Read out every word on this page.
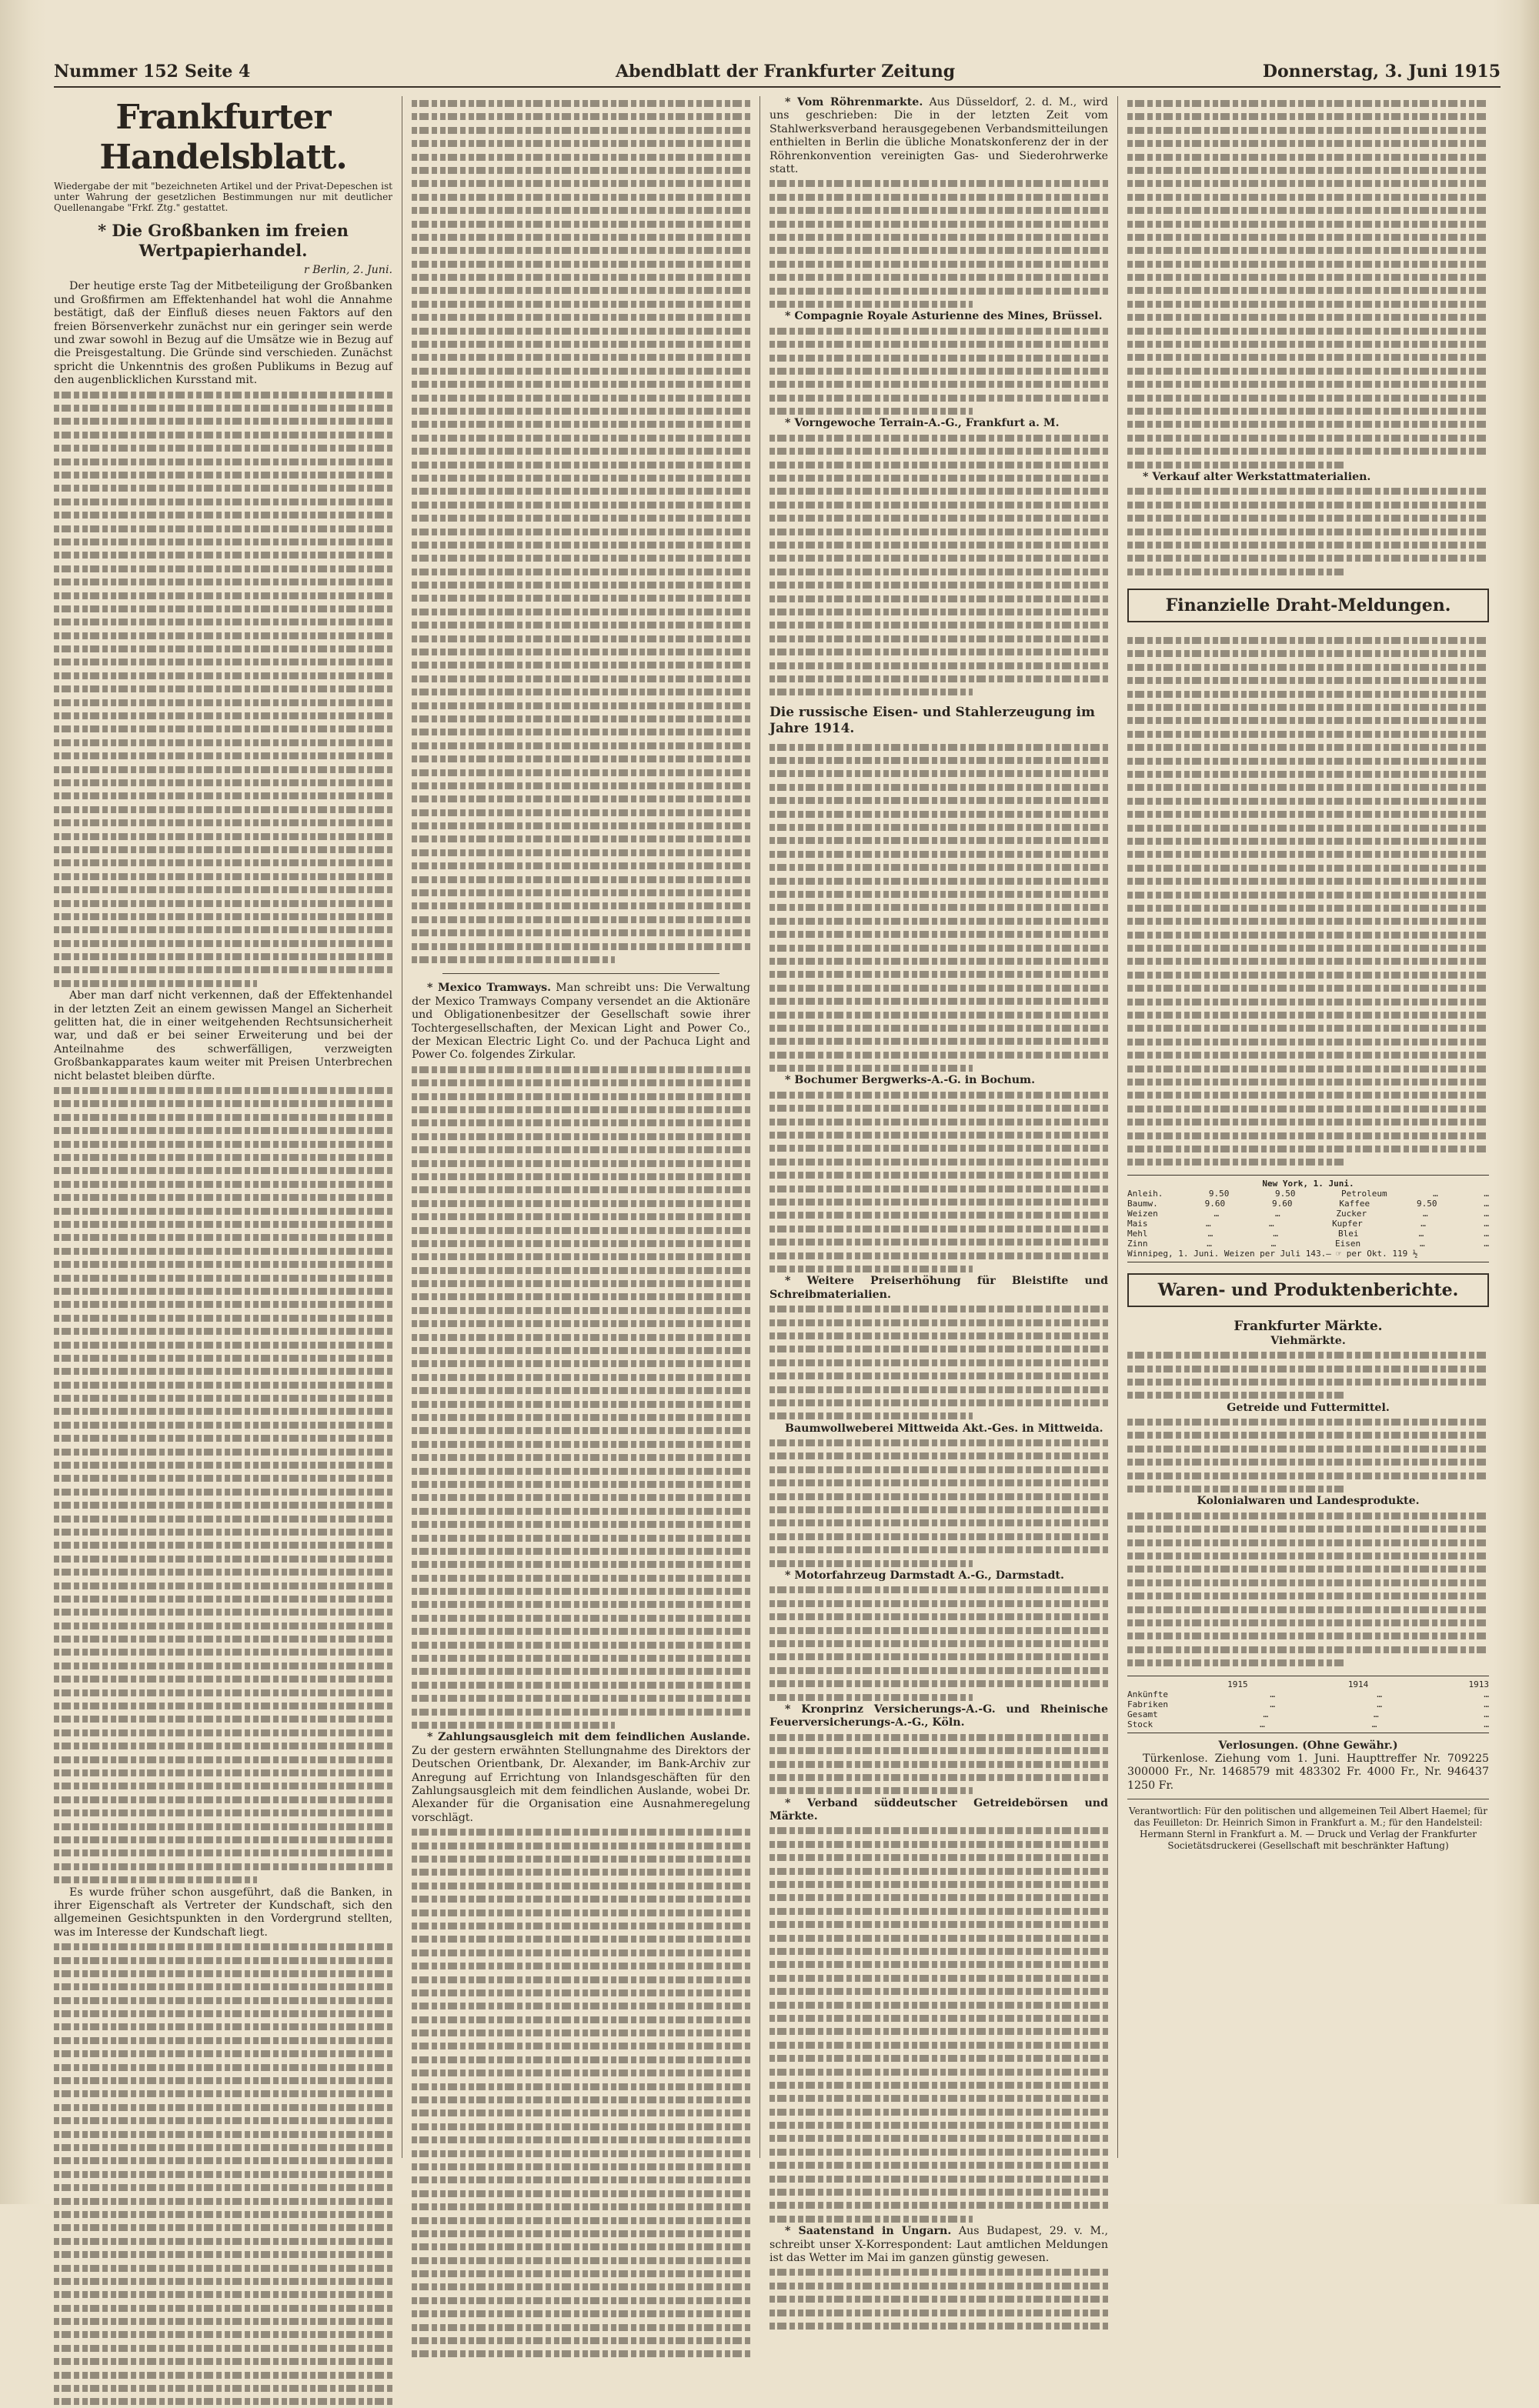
Nummer 152 Seite 4	Abendblatt der Frankfurter Zeitung	Donnerstag, 3. Juni 1915
Frankfurter Handelsblatt.
Wiedergabe der mit "bezeichneten Artikel und der Privat-Depeschen ist unter Wahrung der gesetzlichen Bestimmungen nur mit deutlicher Quellenangabe "Frkf. Ztg." gestattet.
* Die Großbanken im freien Wertpapierhandel.
r Berlin, 2. Juni.

Der heutige erste Tag der Mitbeteiligung der Großbanken und Großfirmen am Effektenhandel hat wohl die Annahme bestätigt, daß der Einfluß dieses neuen Faktors auf den freien Börsenverkehr zunächst nur ein geringer sein werde und zwar sowohl in Bezug auf die Umsätze wie in Bezug auf die Preisgestaltung. Die Gründe sind verschieden. Zunächst spricht die Unkenntnis des großen Publikums in Bezug auf den augenblicklichen Kursstand mit.

Aber man darf nicht verkennen, daß der Effektenhandel in der letzten Zeit an einem gewissen Mangel an Sicherheit gelitten hat, die in einer weitgehenden Rechtsunsicherheit war, und daß er bei seiner Erweiterung und bei der Anteilnahme des schwerfälligen, verzweigten Großbankapparates kaum weiter mit Preisen Unterbrechen nicht belastet bleiben dürfte.

Es wurde früher schon ausgeführt, daß die Banken, in ihrer Eigenschaft als Vertreter der Kundschaft, sich den allgemeinen Gesichtspunkten in den Vordergrund stellten, was im Interesse der Kundschaft liegt.

* Mexico Tramways. Man schreibt uns: Die Verwaltung der Mexico Tramways Company versendet an die Aktionäre und Obligationenbesitzer der Gesellschaft sowie ihrer Tochtergesellschaften, der Mexican Light and Power Co., der Mexican Electric Light Co. und der Pachuca Light and Power Co. folgendes Zirkular.

* Zahlungsausgleich mit dem feindlichen Auslande. Zu der gestern erwähnten Stellungnahme des Direktors der Deutschen Orientbank, Dr. Alexander, im Bank-Archiv zur Anregung auf Errichtung von Inlandsgeschäften für den Zahlungsausgleich mit dem feindlichen Auslande, wobei Dr. Alexander für die Organisation eine Ausnahmeregelung vorschlägt.

* Vom Röhrenmarkte. Aus Düsseldorf, 2. d. M., wird uns geschrieben: Die in der letzten Zeit vom Stahlwerksverband herausgegebenen Verbandsmitteilungen enthielten in Berlin die übliche Monatskonferenz der in der Röhrenkonvention vereinigten Gas- und Siederohrwerke statt.

* Compagnie Royale Asturienne des Mines, Brüssel.

* Vorngewoche Terrain-A.-G., Frankfurt a. M.

Die russische Eisen- und Stahlerzeugung im Jahre 1914.

* Bochumer Bergwerks-A.-G. in Bochum.

* Weitere Preiserhöhung für Bleistifte und Schreibmaterialien.

Baumwollweberei Mittweida Akt.-Ges. in Mittweida.

* Motorfahrzeug Darmstadt A.-G., Darmstadt.

* Kronprinz Versicherungs-A.-G. und Rheinische Feuerversicherungs-A.-G., Köln.

* Verband süddeutscher Getreidebörsen und Märkte.

* Saatenstand in Ungarn. Aus Budapest, 29. v. M., schreibt unser X-Korrespondent: Laut amtlichen Meldungen ist das Wetter im Mai im ganzen günstig gewesen.

* Verkauf alter Werkstattmaterialien.

Finanzielle Draht-Meldungen.
New York, 1. Juni.
Anleih.	9.50	9.50	Petroleum	…	…
Baumw.	9.60	9.60	Kaffee	9.50	…
Weizen	…	…	Zucker	…	…
Mais	…	…	Kupfer	…	…
Mehl	…	…	Blei	…	…
Zinn	…	…	Eisen	…	…
Winnipeg, 1. Juni. Weizen per Juli 143.— ☞ per Okt. 119 ½
Waren- und Produktenberichte.
Frankfurter Märkte.
Viehmärkte.
Getreide und Futtermittel.
Kolonialwaren und Landesprodukte.
1915	1914	1913
Ankünfte	…	…	…
Fabriken	…	…	…
Gesamt	…	…	…
Stock	…	…	…
Verlosungen. (Ohne Gewähr.)

Türkenlose. Ziehung vom 1. Juni. Haupttreffer Nr. 709225 300000 Fr., Nr. 1468579 mit 483302 Fr. 4000 Fr., Nr. 946437 1250 Fr.

Verantwortlich: Für den politischen und allgemeinen Teil Albert Haemel; für das Feuilleton: Dr. Heinrich Simon in Frankfurt a. M.; für den Handelsteil: Hermann Sternl in Frankfurt a. M. — Druck und Verlag der Frankfurter Societätsdruckerei (Gesellschaft mit beschränkter Haftung)
